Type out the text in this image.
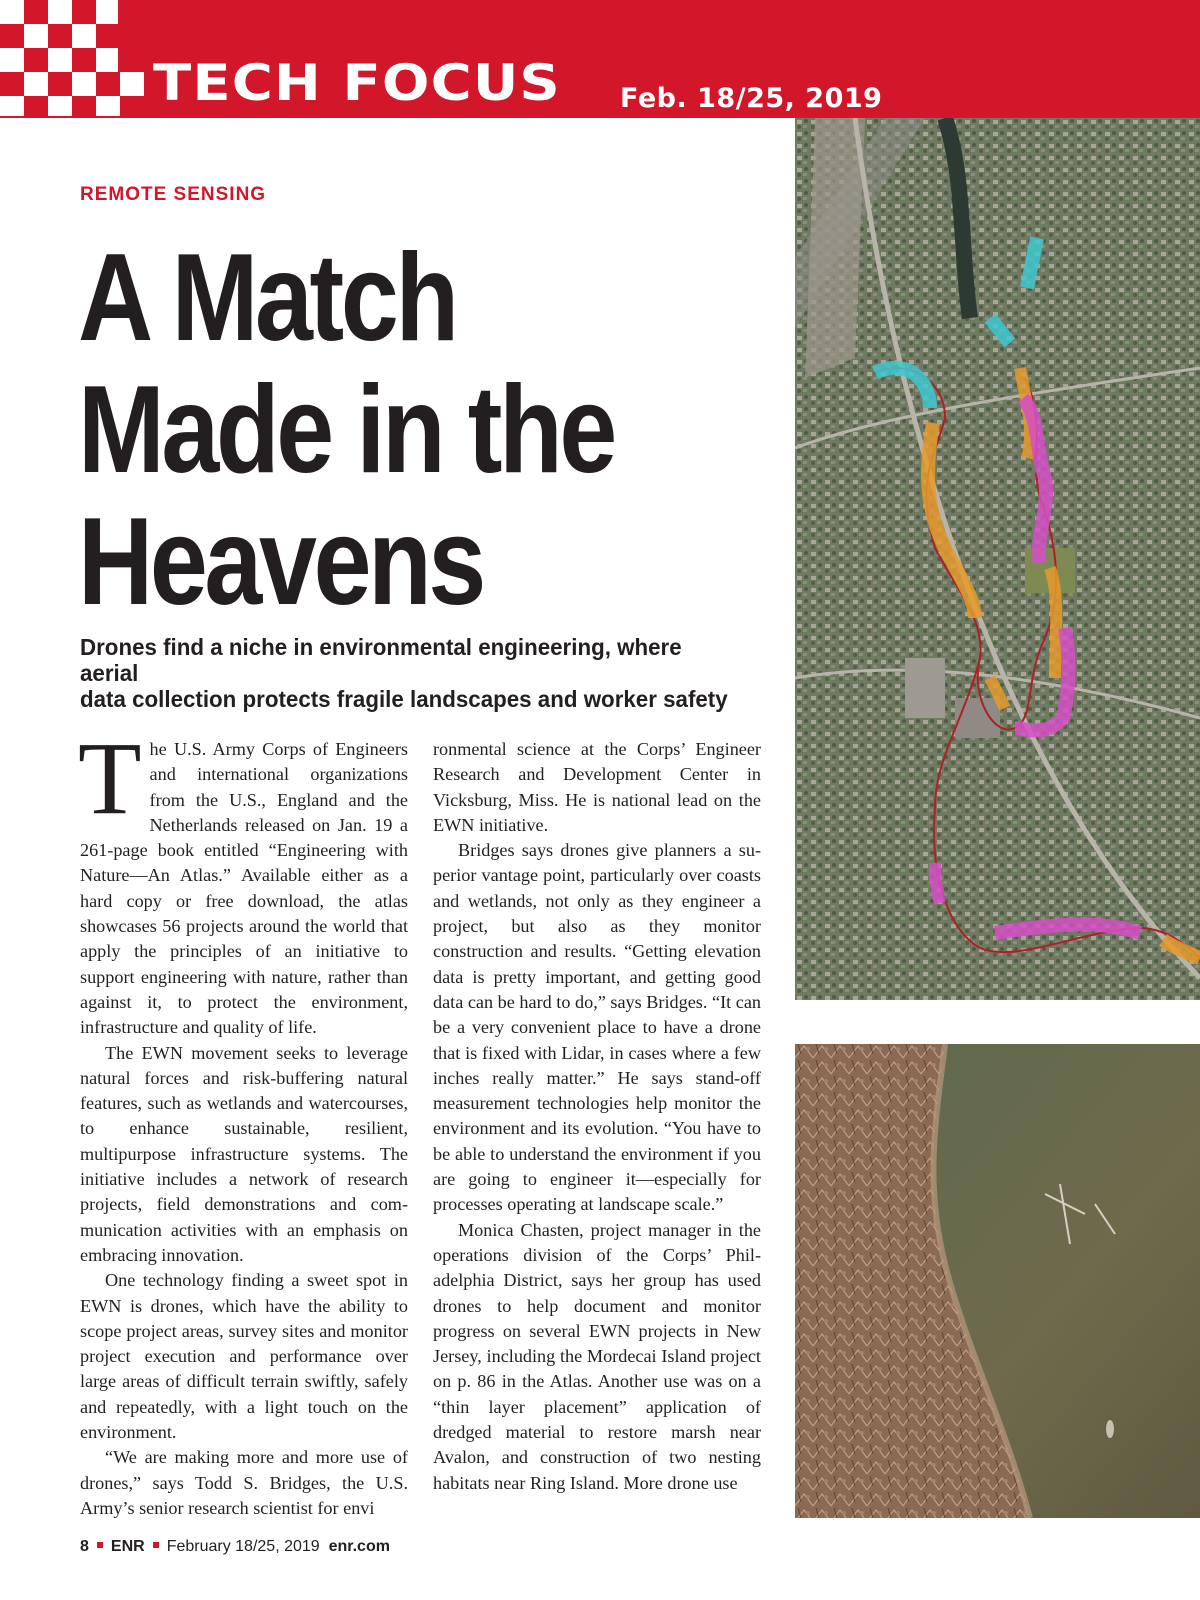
TECH FOCUS Feb. 18/25, 2019
REMOTE SENSING
A Match
Made in the
Heavens
Drones find a niche in environmental engineering, where aerial
data collection protects fragile landscapes and worker safety

The U.S. Army Corps of Engineers and international organizations from the U.S., England and the Netherlands released on Jan. 19 a 261-page book entitled “Engineering with Nature—An Atlas.” Available either as a hard copy or free download, the atlas showcases 56 projects around the world that apply the principles of an initiative to support engineering with nature, rather than against it, to protect the environment, infrastructure and quality of life.

The EWN movement seeks to leverage natural forces and risk-buffering natural features, such as wetlands and watercourses, to enhance sustainable, resilient, multipurpose infrastructure systems. The initiative includes a network of research projects, field demonstrations and communication activities with an emphasis on embracing innovation.

One technology finding a sweet spot in EWN is drones, which have the ability to scope project areas, survey sites and monitor project execution and performance over large areas of difficult terrain swiftly, safely and repeatedly, with a light touch on the environment.

“We are making more and more use of drones,” says Todd S. Bridges, the U.S. Army’s senior research scientist for envi

ronmental science at the Corps’ Engineer Research and Development Center in Vicksburg, Miss. He is national lead on the EWN initiative.

Bridges says drones give planners a superior vantage point, particularly over coasts and wetlands, not only as they engineer a project, but also as they monitor construction and results. “Getting elevation data is pretty important, and getting good data can be hard to do,” says Bridges. “It can be a very convenient place to have a drone that is fixed with Lidar, in cases where a few inches really matter.” He says stand-off measurement technologies help monitor the environment and its evolution. “You have to be able to understand the environment if you are going to engineer it—especially for processes operating at landscape scale.”

Monica Chasten, project manager in the operations division of the Corps’ Philadelphia District, says her group has used drones to help document and monitor progress on several EWN projects in New Jersey, including the Mordecai Island project on p. 86 in the Atlas. Another use was on a “thin layer placement” application of dredged material to restore marsh near Avalon, and construction of two nesting habitats near Ring Island. More drone use

8 ENR February 18/25, 2019 enr.com
